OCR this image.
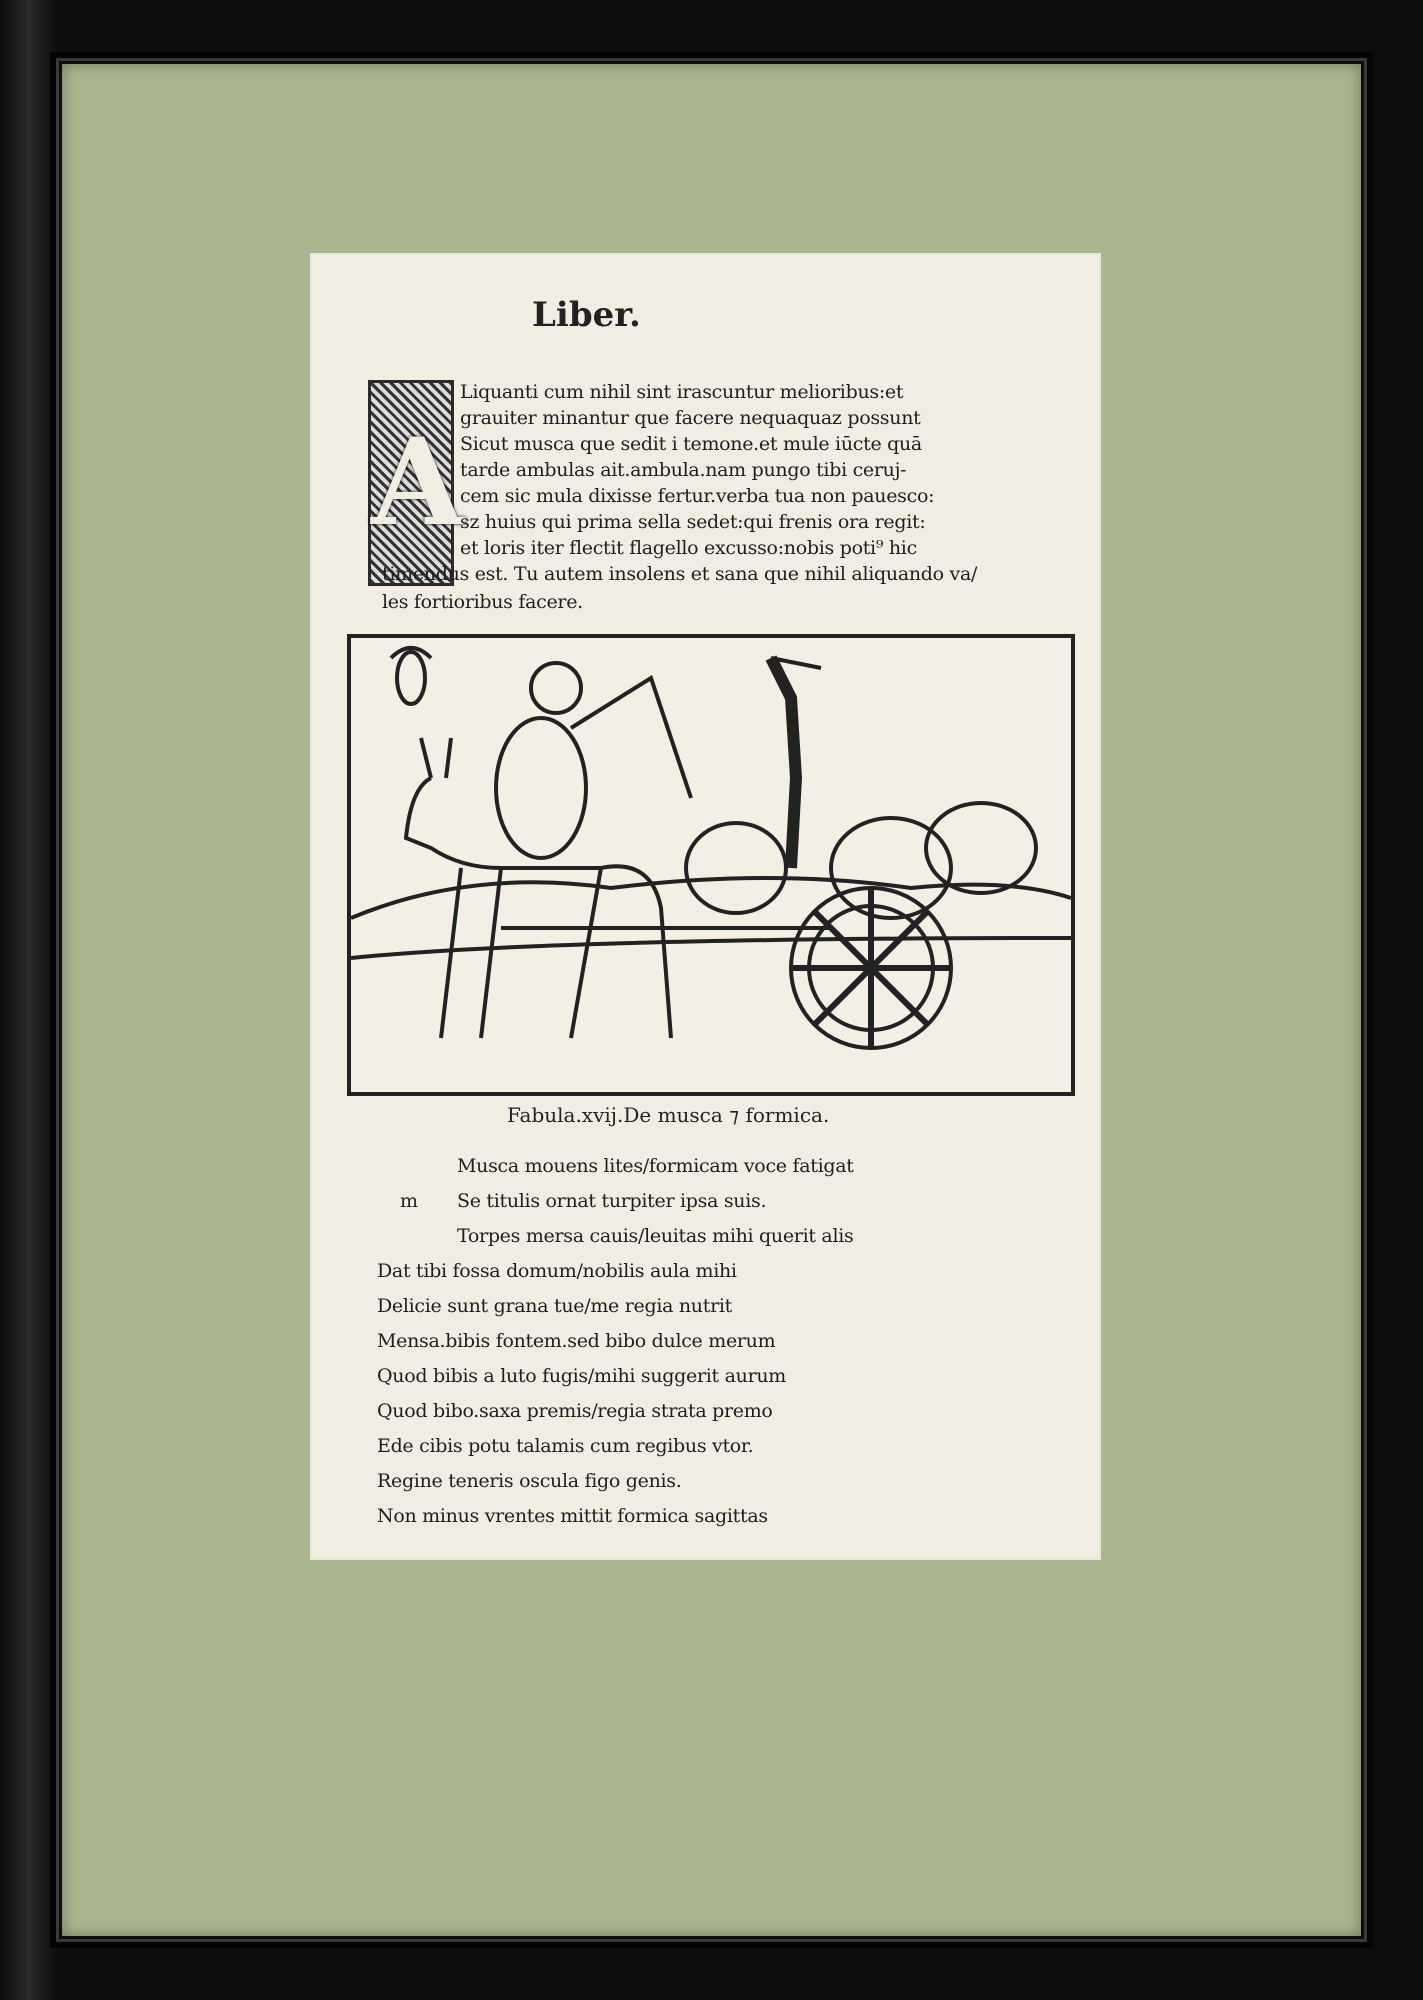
Liber.
A
Liquanti cum nihil sint irascuntur melioribus:et
grauiter minantur que facere nequaquaz possunt
Sicut musca que sedit i temone.et mule iūcte quā
tarde ambulas ait.ambula.nam pungo tibi ceruj-
cem sic mula dixisse fertur.verba tua non pauesco:
sz huius qui prima sella sedet:qui frenis ora regit:
et loris iter flectit flagello excusso:nobis poti⁹ hic
timendus est. Tu autem insolens et sana que nihil aliquando va/
les fortioribus facere.
Fabula.xvij.De musca ⁊ formica.
m
Musca mouens lites/formicam voce fatigat
Se titulis ornat turpiter ipsa suis.
Torpes mersa cauis/leuitas mihi querit alis
Dat tibi fossa domum/nobilis aula mihi
Delicie sunt grana tue/me regia nutrit
Mensa.bibis fontem.sed bibo dulce merum
Quod bibis a luto fugis/mihi suggerit aurum
Quod bibo.saxa premis/regia strata premo
Ede cibis potu talamis cum regibus vtor.
Regine teneris oscula figo genis.
Non minus vrentes mittit formica sagittas
